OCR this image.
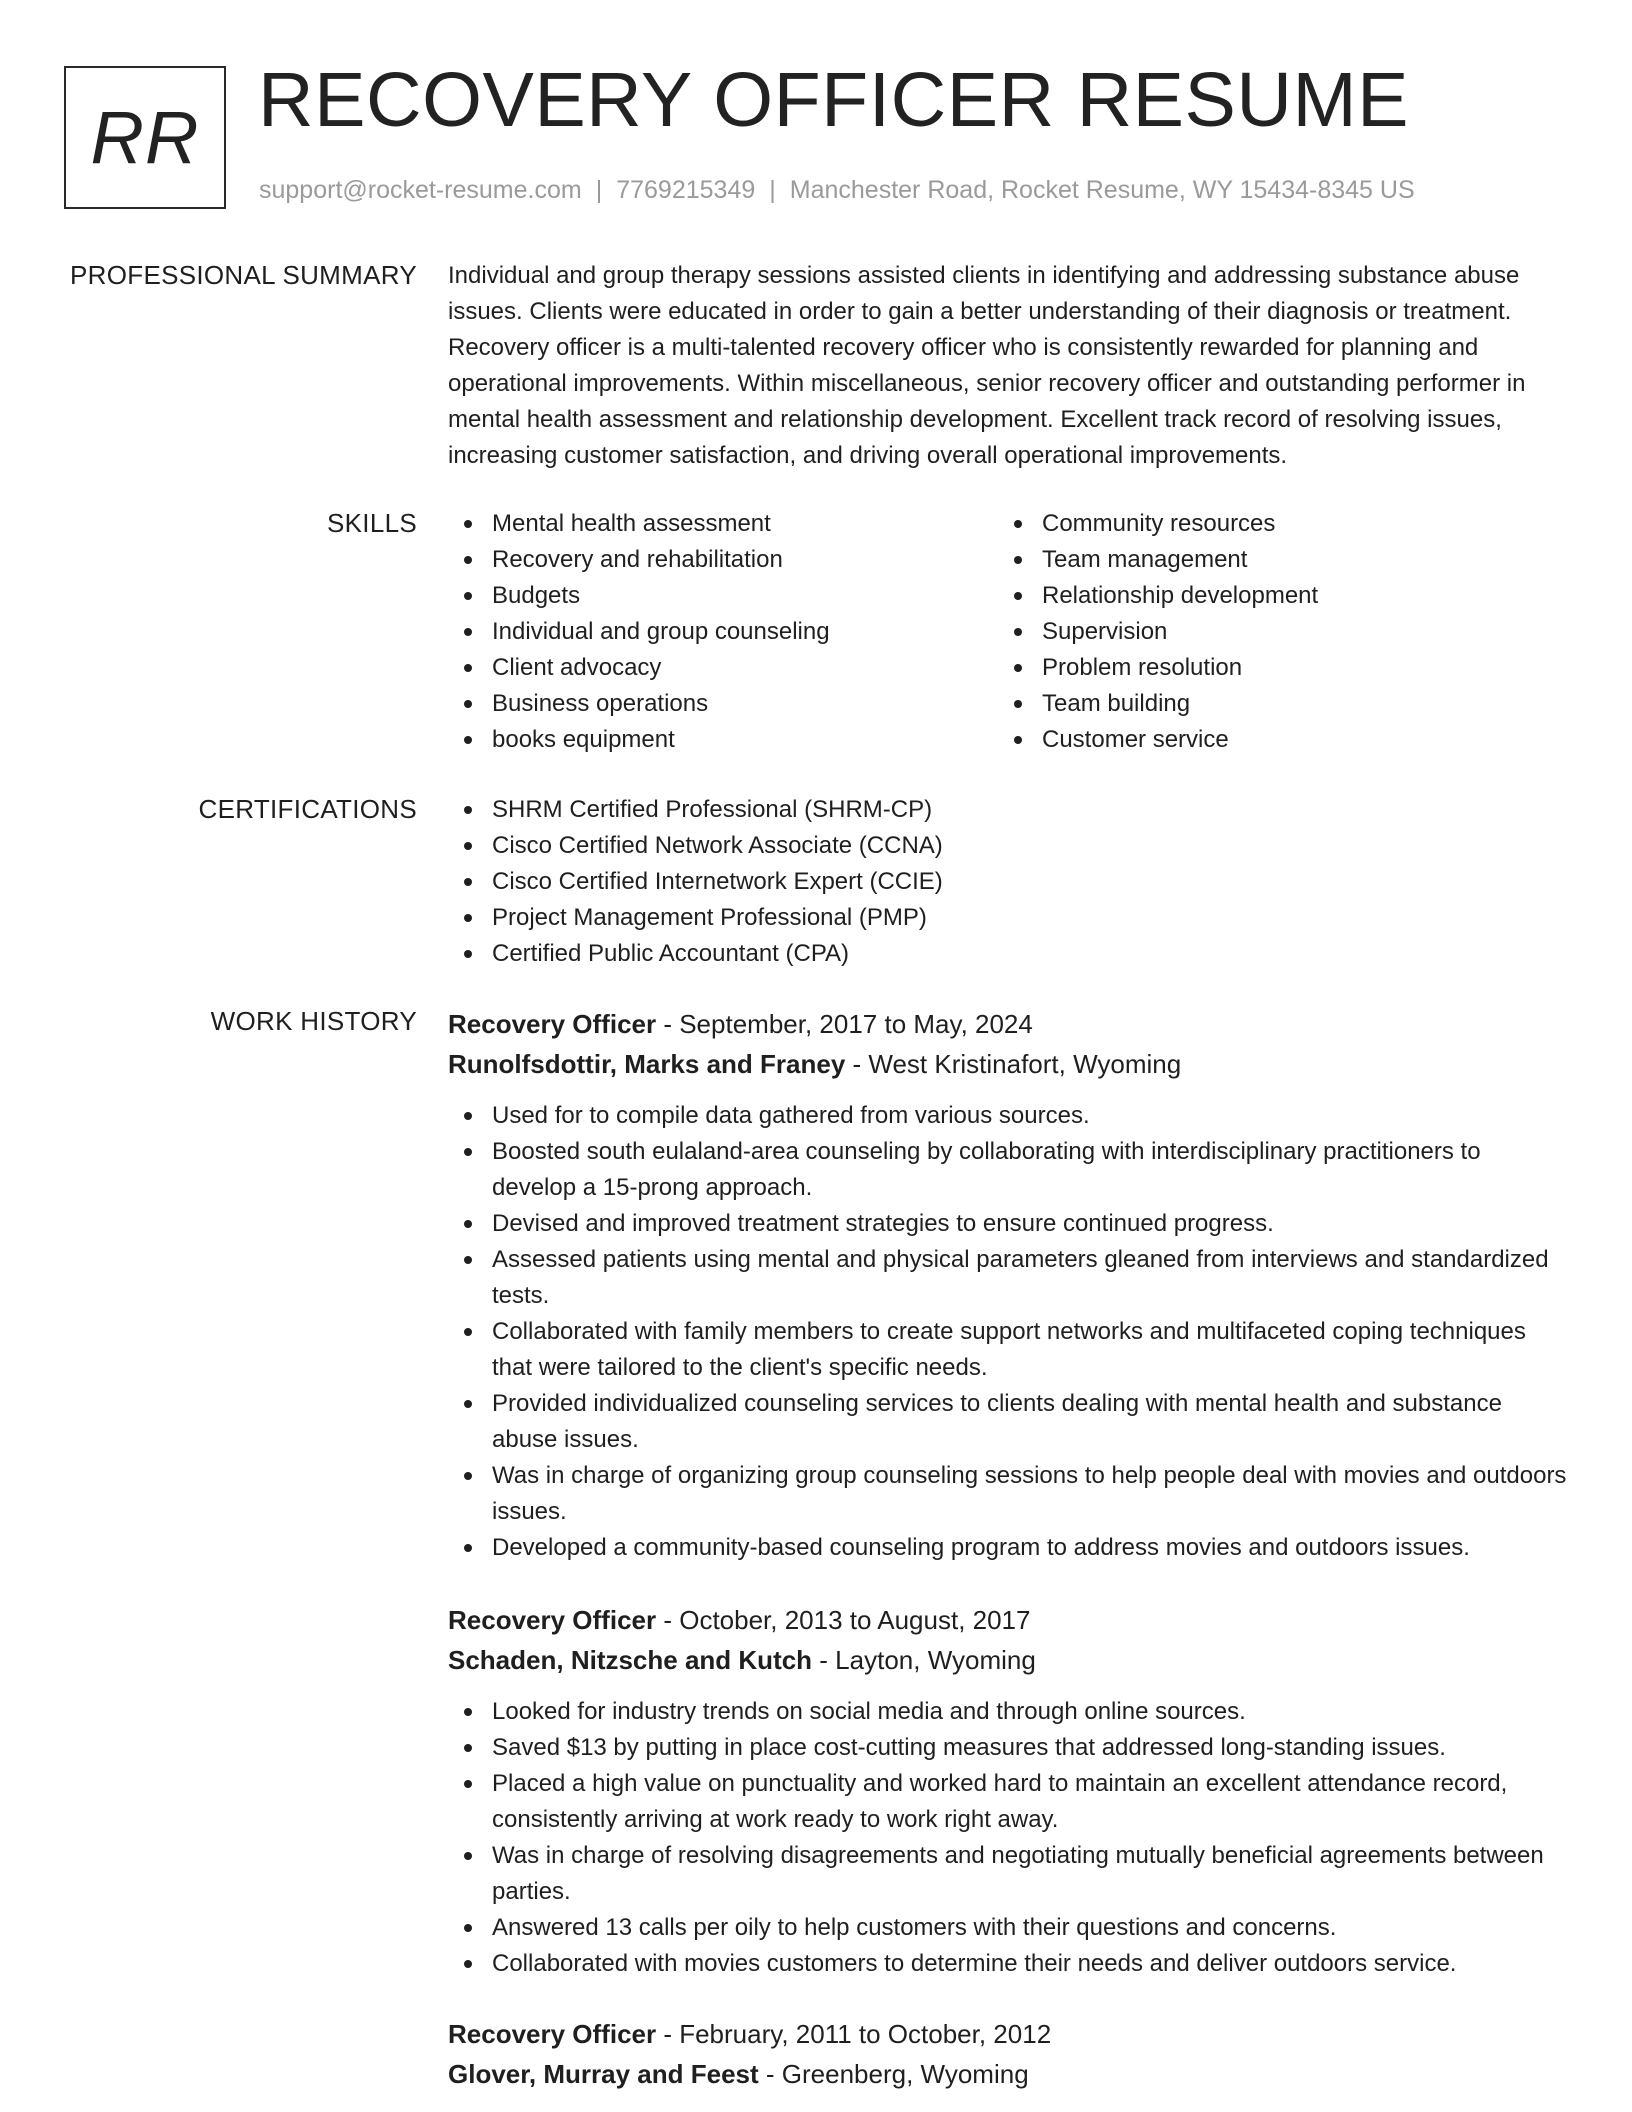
RR RECOVERY OFFICER RESUME
support@rocket-resume.com | 7769215349 | Manchester Road, Rocket Resume, WY 15434-8345 US
PROFESSIONAL SUMMARY Individual and group therapy sessions assisted clients in identifying and addressing substance abuse issues. Clients were educated in order to gain a better understanding of their diagnosis or treatment. Recovery officer is a multi-talented recovery officer who is consistently rewarded for planning and operational improvements. Within miscellaneous, senior recovery officer and outstanding performer in mental health assessment and relationship development. Excellent track record of resolving issues, increasing customer satisfaction, and driving overall operational improvements.

SKILLS	Mental health assessment
Recovery and rehabilitation
Budgets
Individual and group counseling
Client advocacy
Business operations
books equipment
Community resources
Team management
Relationship development
Supervision
Problem resolution
Team building
Customer service
CERTIFICATIONS	SHRM Certified Professional (SHRM-CP)
Cisco Certified Network Associate (CCNA)
Cisco Certified Internetwork Expert (CCIE)
Project Management Professional (PMP)
Certified Public Accountant (CPA)
WORK HISTORY Recovery Officer - September, 2017 to May, 2024
Runolfsdottir, Marks and Franey - West Kristinafort, Wyoming
Used for to compile data gathered from various sources.
Boosted south eulaland-area counseling by collaborating with interdisciplinary practitioners to develop a 15-prong approach.
Devised and improved treatment strategies to ensure continued progress.
Assessed patients using mental and physical parameters gleaned from interviews and standardized tests.
Collaborated with family members to create support networks and multifaceted coping techniques that were tailored to the client's specific needs.
Provided individualized counseling services to clients dealing with mental health and substance abuse issues.
Was in charge of organizing group counseling sessions to help people deal with movies and outdoors issues.
Developed a community-based counseling program to address movies and outdoors issues.
Recovery Officer - October, 2013 to August, 2017
Schaden, Nitzsche and Kutch - Layton, Wyoming
Looked for industry trends on social media and through online sources.
Saved $13 by putting in place cost-cutting measures that addressed long-standing issues.
Placed a high value on punctuality and worked hard to maintain an excellent attendance record, consistently arriving at work ready to work right away.
Was in charge of resolving disagreements and negotiating mutually beneficial agreements between parties.
Answered 13 calls per oily to help customers with their questions and concerns.
Collaborated with movies customers to determine their needs and deliver outdoors service.
Recovery Officer - February, 2011 to October, 2012
Glover, Murray and Feest - Greenberg, Wyoming
